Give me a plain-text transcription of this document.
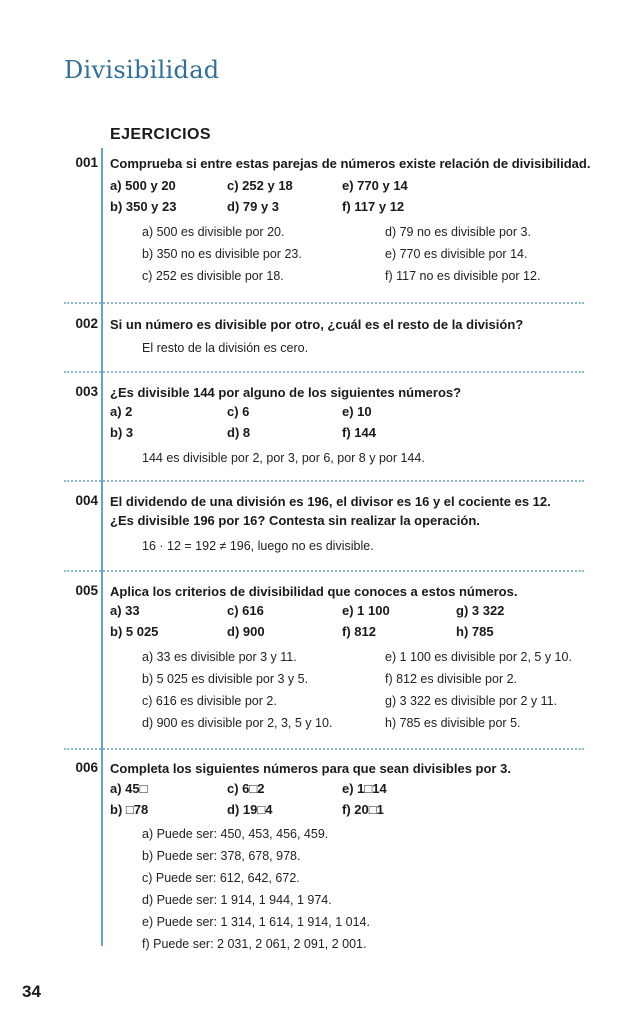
Divisibilidad
EJERCICIOS
001 Comprueba si entre estas parejas de números existe relación de divisibilidad.

a) 500 y 20
b) 350 y 23
c) 252 y 18
d) 79 y 3
e) 770 y 14
f) 117 y 12
a) 500 es divisible por 20.
b) 350 no es divisible por 23.
c) 252 es divisible por 18.
d) 79 no es divisible por 3.
e) 770 es divisible por 14.
f) 117 no es divisible por 12.
002 Si un número es divisible por otro, ¿cuál es el resto de la división?

El resto de la división es cero.
003 ¿Es divisible 144 por alguno de los siguientes números?

a) 2
b) 3
c) 6
d) 8
e) 10
f) 144
144 es divisible por 2, por 3, por 6, por 8 y por 144.
004 El dividendo de una división es 196, el divisor es 16 y el cociente es 12.

¿Es divisible 196 por 16? Contesta sin realizar la operación.

16 · 12 = 192 ≠ 196, luego no es divisible.
005 Aplica los criterios de divisibilidad que conoces a estos números.

a) 33
b) 5 025
c) 616
d) 900
e) 1 100
f) 812
g) 3 322
h) 785
a) 33 es divisible por 3 y 11.
b) 5 025 es divisible por 3 y 5.
c) 616 es divisible por 2.
d) 900 es divisible por 2, 3, 5 y 10.
e) 1 100 es divisible por 2, 5 y 10.
f) 812 es divisible por 2.
g) 3 322 es divisible por 2 y 11.
h) 785 es divisible por 5.
006 Completa los siguientes números para que sean divisibles por 3.

a) 45□
b) □78
c) 6□2
d) 19□4
e) 1□14
f) 20□1
a) Puede ser: 450, 453, 456, 459.
b) Puede ser: 378, 678, 978.
c) Puede ser: 612, 642, 672.
d) Puede ser: 1 914, 1 944, 1 974.
e) Puede ser: 1 314, 1 614, 1 914, 1 014.
f) Puede ser: 2 031, 2 061, 2 091, 2 001.
34
